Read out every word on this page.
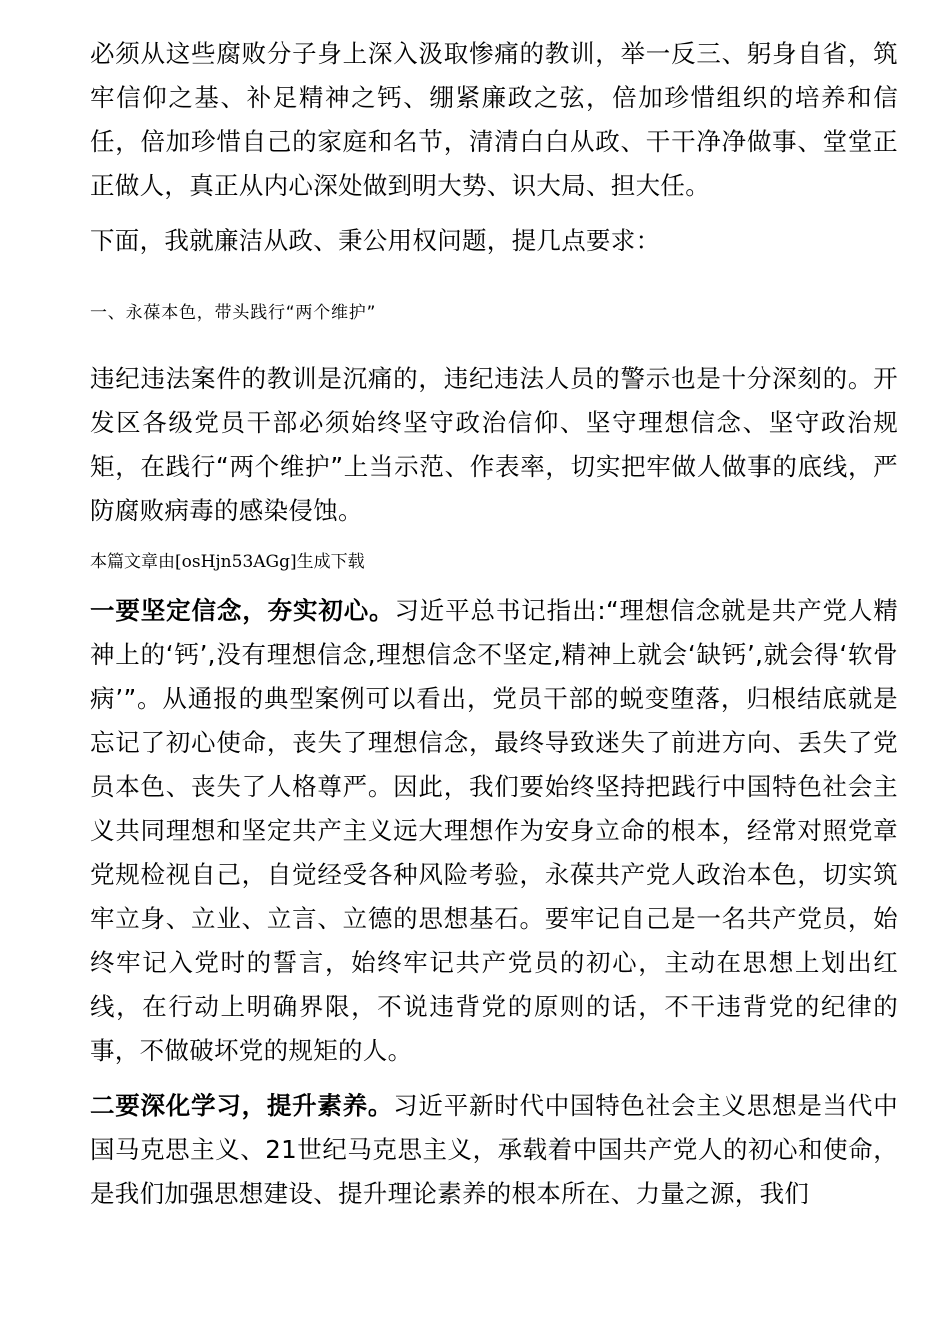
必须从这些腐败分子身上深入汲取惨痛的教训，举一反三、躬身自省，筑牢信仰之基、补足精神之钙、绷紧廉政之弦，倍加珍惜组织的培养和信任，倍加珍惜自己的家庭和名节，清清白白从政、干干净净做事、堂堂正正做人，真正从内心深处做到明大势、识大局、担大任。

下面，我就廉洁从政、秉公用权问题，提几点要求：

一、永葆本色，带头践行“两个维护”

违纪违法案件的教训是沉痛的，违纪违法人员的警示也是十分深刻的。开发区各级党员干部必须始终坚守政治信仰、坚守理想信念、坚守政治规矩，在践行“两个维护”上当示范、作表率，切实把牢做人做事的底线，严防腐败病毒的感染侵蚀。

本篇文章由[osHjn53AGg]生成下载

一要坚定信念，夯实初心。习近平总书记指出:“理想信念就是共产党人精神上的‘钙’,没有理想信念,理想信念不坚定,精神上就会‘缺钙’,就会得‘软骨病’”。从通报的典型案例可以看出，党员干部的蜕变堕落，归根结底就是忘记了初心使命，丧失了理想信念，最终导致迷失了前进方向、丢失了党员本色、丧失了人格尊严。因此，我们要始终坚持把践行中国特色社会主义共同理想和坚定共产主义远大理想作为安身立命的根本，经常对照党章党规检视自己，自觉经受各种风险考验，永葆共产党人政治本色，切实筑牢立身、立业、立言、立德的思想基石。要牢记自己是一名共产党员，始终牢记入党时的誓言，始终牢记共产党员的初心，主动在思想上划出红线，在行动上明确界限，不说违背党的原则的话，不干违背党的纪律的事，不做破坏党的规矩的人。

二要深化学习，提升素养。习近平新时代中国特色社会主义思想是当代中国马克思主义、21世纪马克思主义，承载着中国共产党人的初心和使命，是我们加强思想建设、提升理论素养的根本所在、力量之源，我们
